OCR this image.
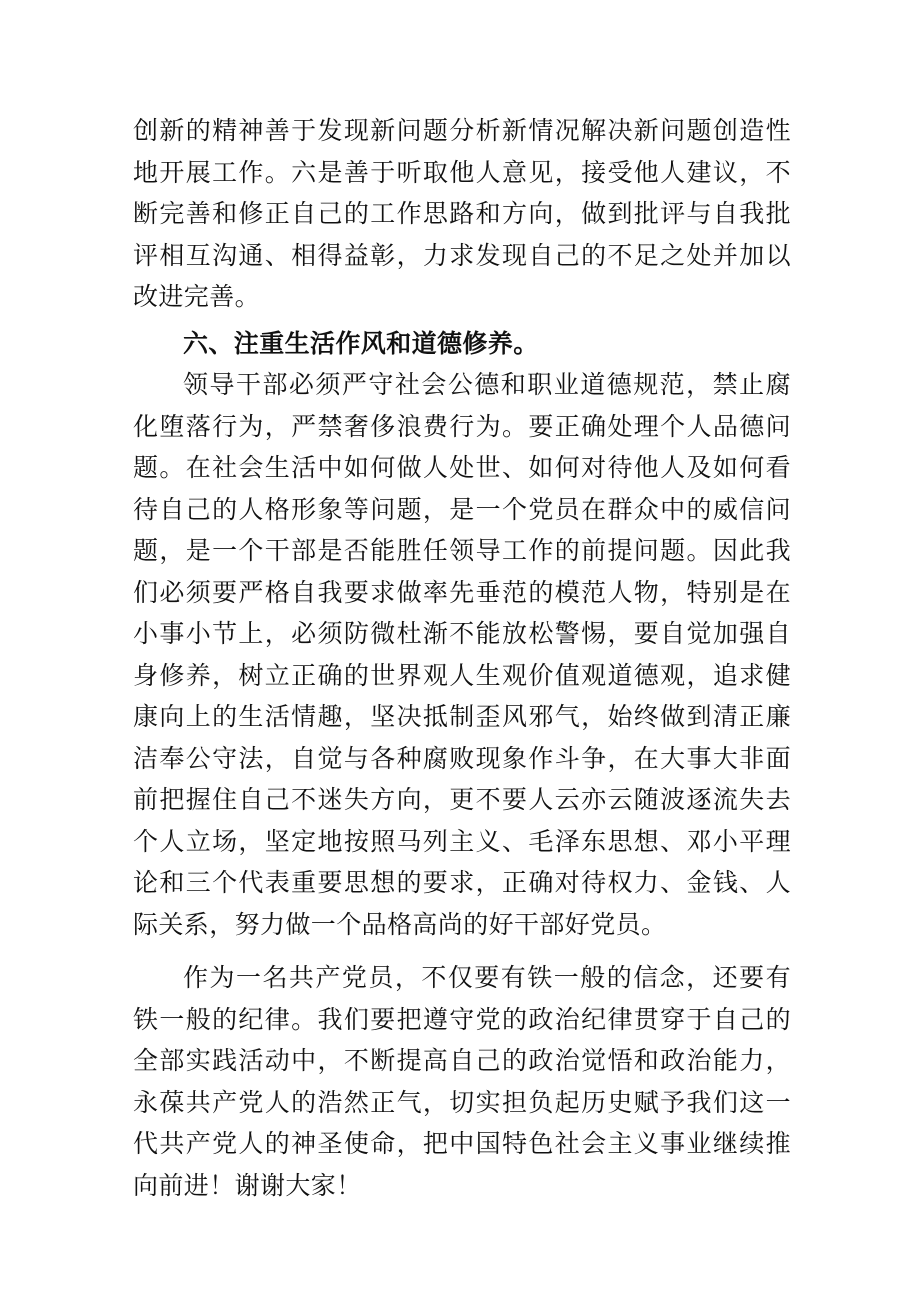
创新的精神善于发现新问题分析新情况解决新问题创造性地开展工作。六是善于听取他人意见，接受他人建议，不断完善和修正自己的工作思路和方向，做到批评与自我批评相互沟通、相得益彰，力求发现自己的不足之处并加以改进完善。

六、注重生活作风和道德修养。

领导干部必须严守社会公德和职业道德规范，禁止腐化堕落行为，严禁奢侈浪费行为。要正确处理个人品德问题。在社会生活中如何做人处世、如何对待他人及如何看待自己的人格形象等问题，是一个党员在群众中的威信问题，是一个干部是否能胜任领导工作的前提问题。因此我们必须要严格自我要求做率先垂范的模范人物，特别是在小事小节上，必须防微杜渐不能放松警惕，要自觉加强自身修养，树立正确的世界观人生观价值观道德观，追求健康向上的生活情趣，坚决抵制歪风邪气，始终做到清正廉洁奉公守法，自觉与各种腐败现象作斗争，在大事大非面前把握住自己不迷失方向，更不要人云亦云随波逐流失去个人立场，坚定地按照马列主义、毛泽东思想、邓小平理论和三个代表重要思想的要求，正确对待权力、金钱、人际关系，努力做一个品格高尚的好干部好党员。

作为一名共产党员，不仅要有铁一般的信念，还要有铁一般的纪律。我们要把遵守党的政治纪律贯穿于自己的全部实践活动中，不断提高自己的政治觉悟和政治能力，永葆共产党人的浩然正气，切实担负起历史赋予我们这一代共产党人的神圣使命，把中国特色社会主义事业继续推向前进！谢谢大家！
